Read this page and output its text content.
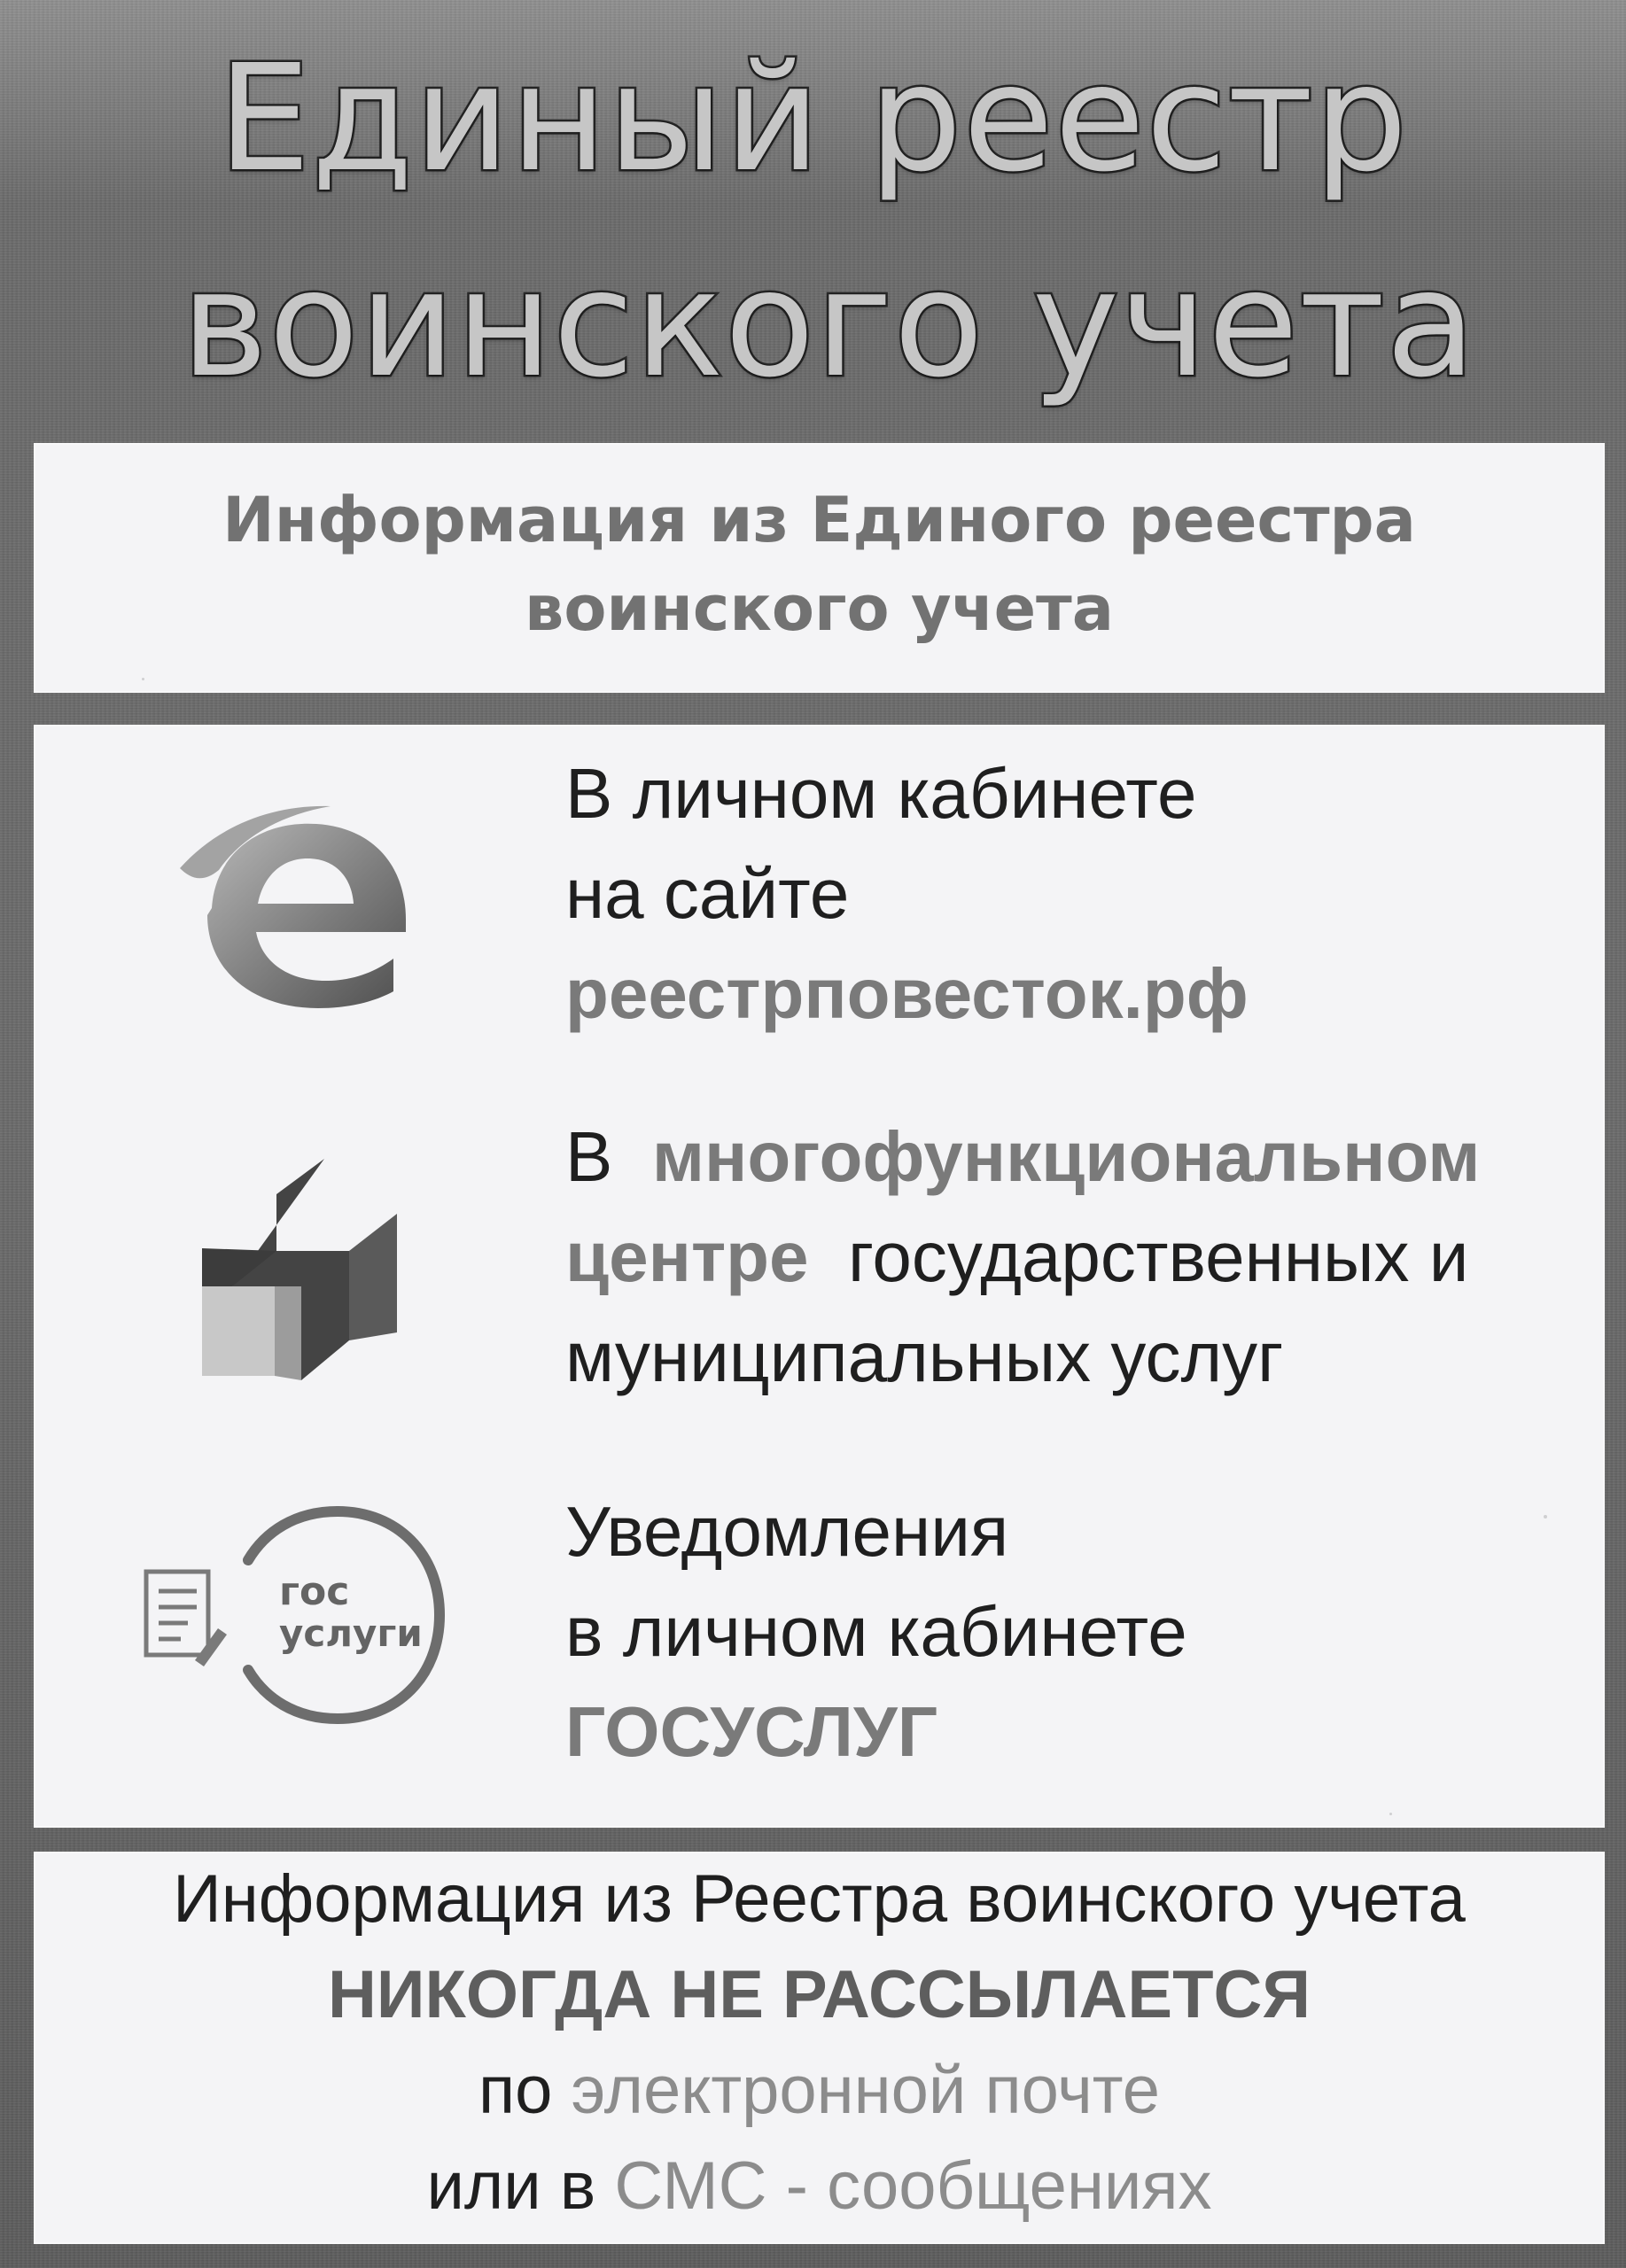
Единый реестр
воинского учета
Информация из Единого реестра
воинского учета
гос
услуги
В личном кабинете
на сайте
реестрповесток.рф
В многофункциональном
центре государственных и
муниципальных услуг
Уведомления
в личном кабинете
ГОСУСЛУГ
Информация из Реестра воинского учета
НИКОГДА НЕ РАССЫЛАЕТСЯ
по электронной почте
или в СМС - сообщениях
